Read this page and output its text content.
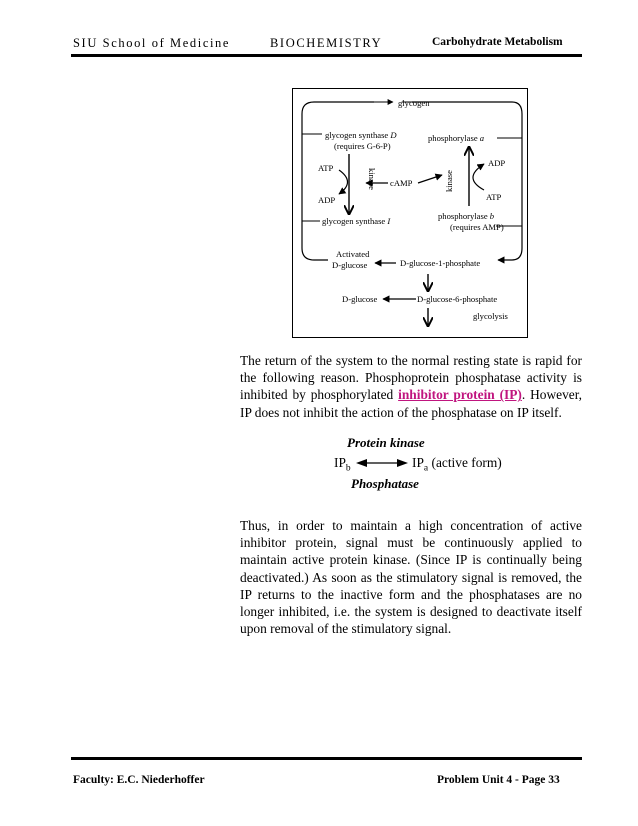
SIU School of Medicine	BIOCHEMISTRY	Carbohydrate Metabolism
glycogen
glycogen synthase D
(requires G-6-P)
phosphorylase a
ATP
ADP
kinase cAMP
ADP
ATP
kinase
glycogen synthase I	phosphorylase b
(requires AMP)
Activated
D-glucose	D-glucose-1-phosphate
D-glucose	D-glucose-6-phosphate
glycolysis
The return of the system to the normal resting state is rapid for the following reason. Phosphoprotein phosphatase activity is inhibited by phosphorylated inhibitor protein (IP). However, IP does not inhibit the action of the phosphatase on IP itself.
Protein kinase
$IP_b$	$IP_a$ (active form)
Phosphatase
Thus, in order to maintain a high concentration of active inhibitor protein, signal must be continuously applied to maintain active protein kinase. (Since IP is continually being deactivated.) As soon as the stimulatory signal is removed, the IP returns to the inactive form and the phosphatases are no longer inhibited, i.e. the system is designed to deactivate itself upon removal of the stimulatory signal.
Faculty: E.C. Niederhoffer	Problem Unit 4 - Page 33
